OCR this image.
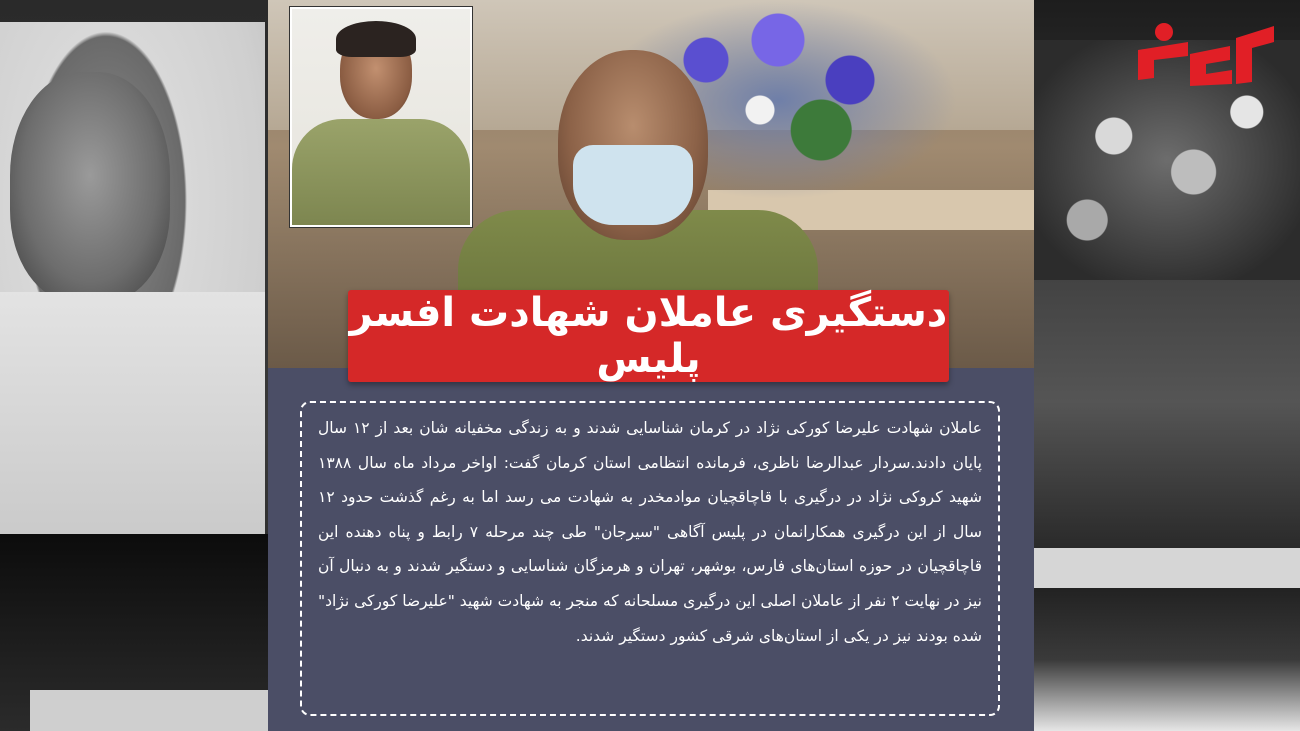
دستگیری عاملان شهادت افسر پلیس
عاملان شهادت علیرضا کورکی نژاد در کرمان شناسایی شدند و به زندگی مخفیانه شان بعد از ۱۲ سال پایان دادند.سردار عبدالرضا ناظری، فرمانده انتظامی استان کرمان گفت: اواخر مرداد ماه سال ۱۳۸۸ شهید کروکی نژاد در درگیری با قاچاقچیان موادمخدر به شهادت می رسد اما به رغم گذشت حدود ۱۲ سال از این درگیری همکارانمان در پلیس آگاهی "سیرجان" طی چند مرحله ۷ رابط و پناه دهنده این قاچاقچیان در حوزه استان‌های فارس، بوشهر، تهران و هرمزگان شناسایی و دستگیر شدند و به دنبال آن نیز در نهایت ۲ نفر از عاملان اصلی این درگیری مسلحانه که منجر به شهادت شهید "علیرضا کورکی نژاد" شده بودند نیز در یکی از استان‌های شرقی کشور دستگیر شدند.
